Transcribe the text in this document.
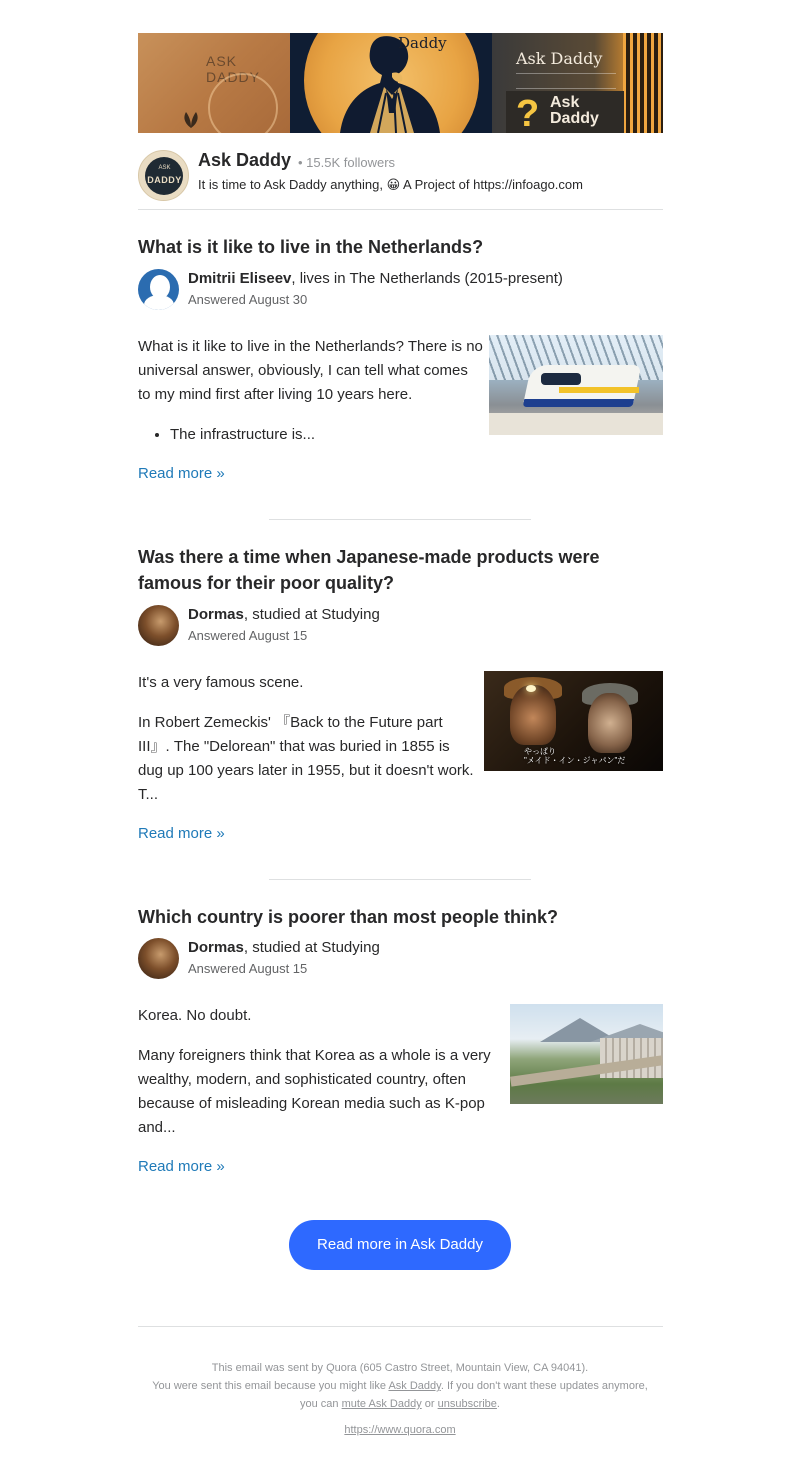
ASK
DADDY
Daddy
Ask Daddy
? Ask Daddy
ASK
DADDY
Ask Daddy • 15.5K followers
It is time to Ask Daddy anything, 😀 A Project of https://infoago.com
What is it like to live in the Netherlands?
Dmitrii Eliseev, lives in The Netherlands (2015-present)
Answered August 30

What is it like to live in the Netherlands? There is no universal answer, obviously, I can tell what comes to my mind first after living 10 years here.

• The infrastructure is...
Read more »
Was there a time when Japanese-made products were famous for their poor quality?
Dormas, studied at Studying
Answered August 15

It's a very famous scene.

In Robert Zemeckis' 『Back to the Future part III』. The "Delorean" that was buried in 1855 is dug up 100 years later in 1955, but it doesn't work. T...

やっぱり
"メイド・イン・ジャパン"だ
Read more »
Which country is poorer than most people think?
Dormas, studied at Studying
Answered August 15

Korea. No doubt.

Many foreigners think that Korea as a whole is a very wealthy, modern, and sophisticated country, often because of misleading Korean media such as K-pop and...

Read more »
Read more in Ask Daddy
This email was sent by Quora (605 Castro Street, Mountain View, CA 94041).
You were sent this email because you might like Ask Daddy. If you don't want these updates anymore,
you can mute Ask Daddy or unsubscribe.
https://www.quora.com
